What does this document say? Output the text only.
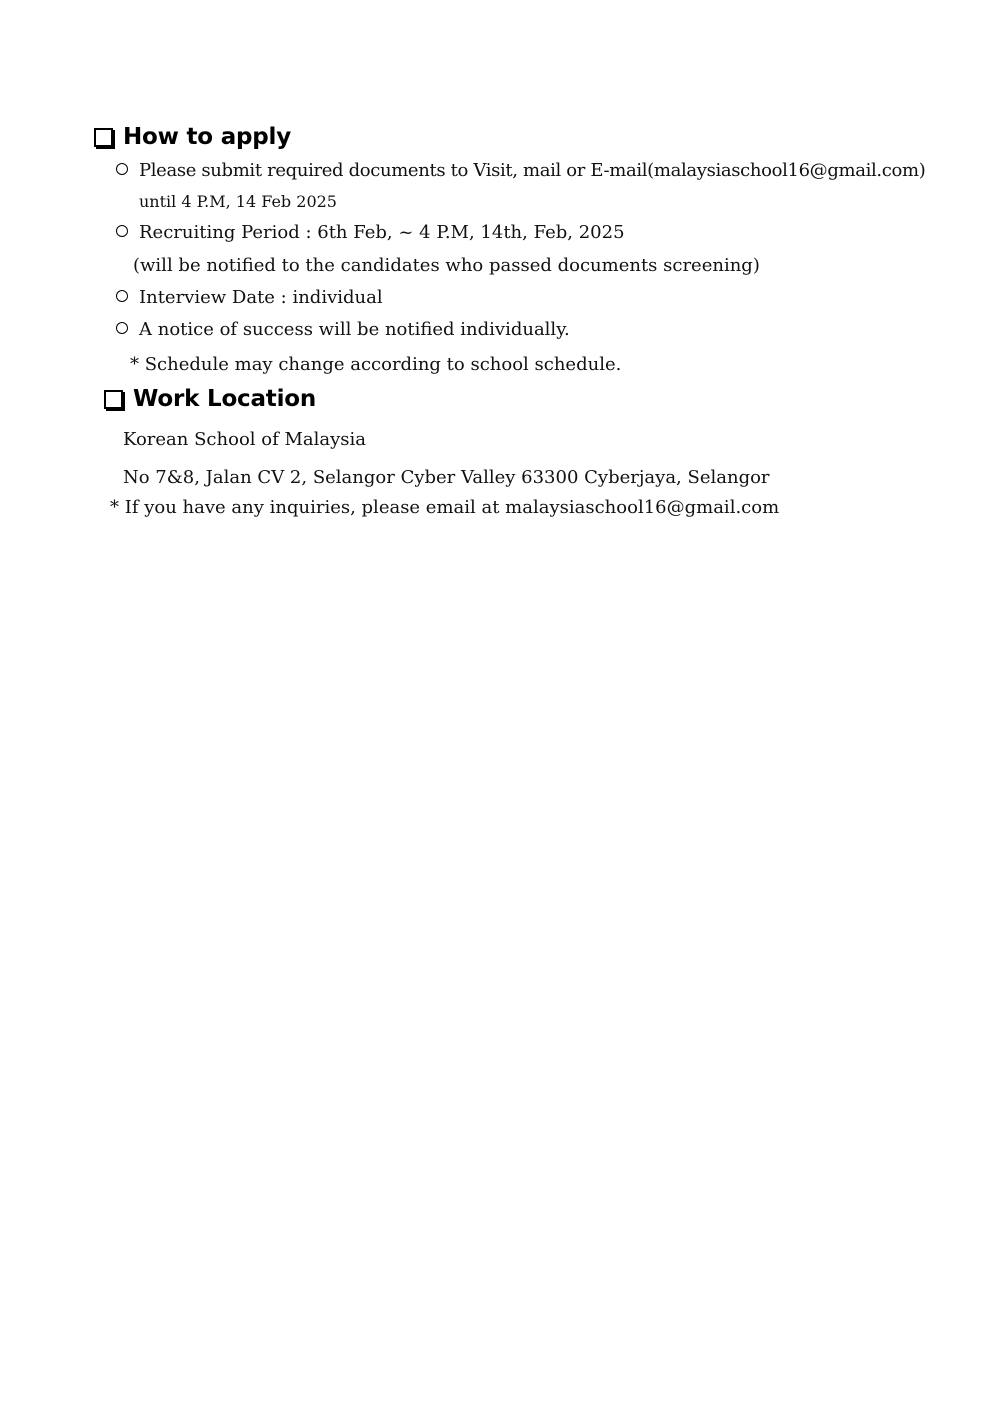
How to apply
Please submit required documents to Visit, mail or E-mail(malaysiaschool16@gmail.com)
until 4 P.M, 14 Feb 2025
Recruiting Period : 6th Feb, ~ 4 P.M, 14th, Feb, 2025
(will be notified to the candidates who passed documents screening)
Interview Date : individual
A notice of success will be notified individually.
* Schedule may change according to school schedule.
Work Location
Korean School of Malaysia
No 7&8, Jalan CV 2, Selangor Cyber Valley 63300 Cyberjaya, Selangor
* If you have any inquiries, please email at malaysiaschool16@gmail.com
